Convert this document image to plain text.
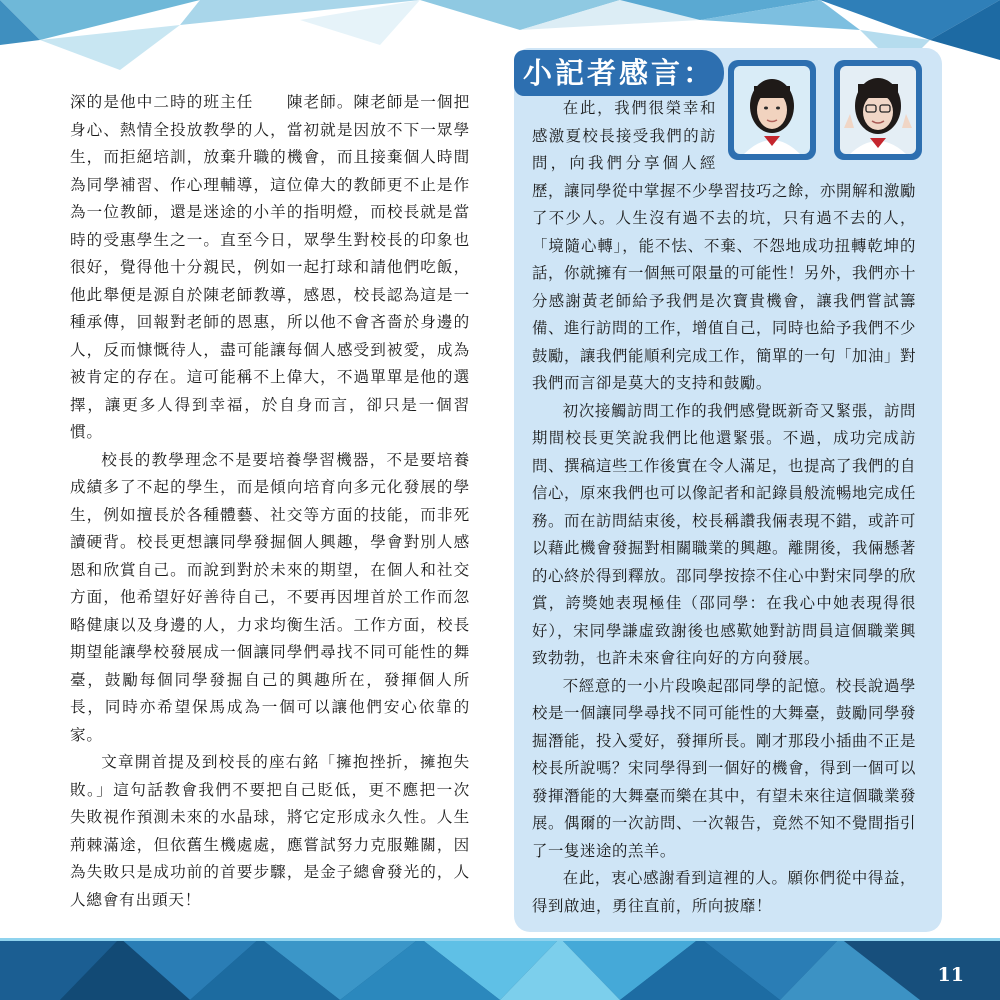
深的是他中二時的班主任　　陳老師。陳老師是一個把身心、熱情全投放教學的人，當初就是因放不下一眾學生，而拒絕培訓，放棄升職的機會，而且接棄個人時間為同學補習、作心理輔導，這位偉大的教師更不止是作為一位教師，還是迷途的小羊的指明燈，而校長就是當時的受惠學生之一。直至今日，眾學生對校長的印象也很好，覺得他十分親民，例如一起打球和請他們吃飯，他此舉便是源自於陳老師教導，感恩，校長認為這是一種承傳，回報對老師的恩惠，所以他不會吝嗇於身邊的人，反而慷慨待人，盡可能讓每個人感受到被愛，成為被肯定的存在。這可能稱不上偉大，不過單單是他的選擇，讓更多人得到幸福，於自身而言，卻只是一個習慣。

校長的教學理念不是要培養學習機器，不是要培養成績多了不起的學生，而是傾向培育向多元化發展的學生，例如擅長於各種體藝、社交等方面的技能，而非死讀硬背。校長更想讓同學發掘個人興趣，學會對別人感恩和欣賞自己。而說到對於未來的期望，在個人和社交方面，他希望好好善待自己，不要再因埋首於工作而忽略健康以及身邊的人，力求均衡生活。工作方面，校長期望能讓學校發展成一個讓同學們尋找不同可能性的舞臺，鼓勵每個同學發掘自己的興趣所在，發揮個人所長，同時亦希望保馬成為一個可以讓他們安心依靠的家。

文章開首提及到校長的座右銘「擁抱挫折，擁抱失敗。」這句話教會我們不要把自己貶低，更不應把一次失敗視作預測未來的水晶球，將它定形成永久性。人生荊棘滿途，但依舊生機處處，應嘗試努力克服難關，因為失敗只是成功前的首要步驟，是金子總會發光的，人人總會有出頭天！

小記者感言：

在此，我們很榮幸和感激夏校長接受我們的訪問，向我們分享個人經歷，讓同學從中掌握不少學習技巧之餘，亦開解和激勵了不少人。人生沒有過不去的坑，只有過不去的人，「境隨心轉」，能不怯、不棄、不怨地成功扭轉乾坤的話，你就擁有一個無可限量的可能性！另外，我們亦十分感謝黃老師給予我們是次寶貴機會，讓我們嘗試籌備、進行訪問的工作，增值自己，同時也給予我們不少鼓勵，讓我們能順利完成工作，簡單的一句「加油」對我們而言卻是莫大的支持和鼓勵。

初次接觸訪問工作的我們感覺既新奇又緊張，訪問期間校長更笑說我們比他還緊張。不過，成功完成訪問、撰稿這些工作後實在令人滿足，也提高了我們的自信心，原來我們也可以像記者和記錄員般流暢地完成任務。而在訪問結束後，校長稱讚我倆表現不錯，或許可以藉此機會發掘對相關職業的興趣。離開後，我倆懸著的心終於得到釋放。邵同學按捺不住心中對宋同學的欣賞，誇獎她表現極佳（邵同學：在我心中她表現得很好），宋同學謙虛致謝後也感歎她對訪問員這個職業興致勃勃，也許未來會往向好的方向發展。

不經意的一小片段喚起邵同學的記憶。校長說過學校是一個讓同學尋找不同可能性的大舞臺，鼓勵同學發掘潛能，投入愛好，發揮所長。剛才那段小插曲不正是校長所說嗎？宋同學得到一個好的機會，得到一個可以發揮潛能的大舞臺而樂在其中，有望未來往這個職業發展。偶爾的一次訪問、一次報告，竟然不知不覺間指引了一隻迷途的羔羊。

在此，衷心感謝看到這裡的人。願你們從中得益，得到啟迪，勇往直前，所向披靡！

11
